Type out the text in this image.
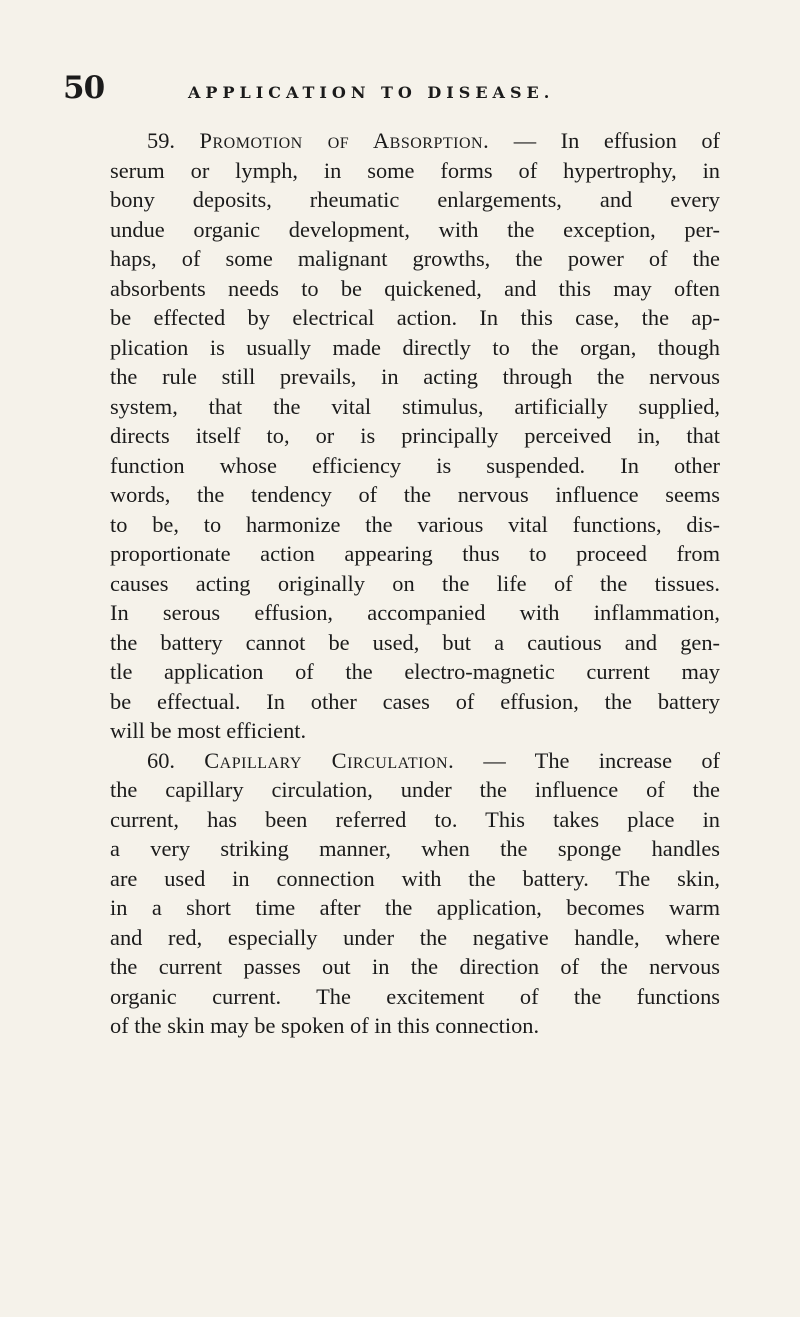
50	APPLICATION TO DISEASE.
59. Promotion of Absorption. — In effusion of
serum or lymph, in some forms of hypertrophy, in
bony deposits, rheumatic enlargements, and every
undue organic development, with the exception, per-
haps, of some malignant growths, the power of the
absorbents needs to be quickened, and this may often
be effected by electrical action. In this case, the ap-
plication is usually made directly to the organ, though
the rule still prevails, in acting through the nervous
system, that the vital stimulus, artificially supplied,
directs itself to, or is principally perceived in, that
function whose efficiency is suspended. In other
words, the tendency of the nervous influence seems
to be, to harmonize the various vital functions, dis-
proportionate action appearing thus to proceed from
causes acting originally on the life of the tissues.
In serous effusion, accompanied with inflammation,
the battery cannot be used, but a cautious and gen-
tle application of the electro-magnetic current may
be effectual. In other cases of effusion, the battery
will be most efficient.
60. Capillary Circulation. — The increase of
the capillary circulation, under the influence of the
current, has been referred to. This takes place in
a very striking manner, when the sponge handles
are used in connection with the battery. The skin,
in a short time after the application, becomes warm
and red, especially under the negative handle, where
the current passes out in the direction of the nervous
organic current. The excitement of the functions
of the skin may be spoken of in this connection.
